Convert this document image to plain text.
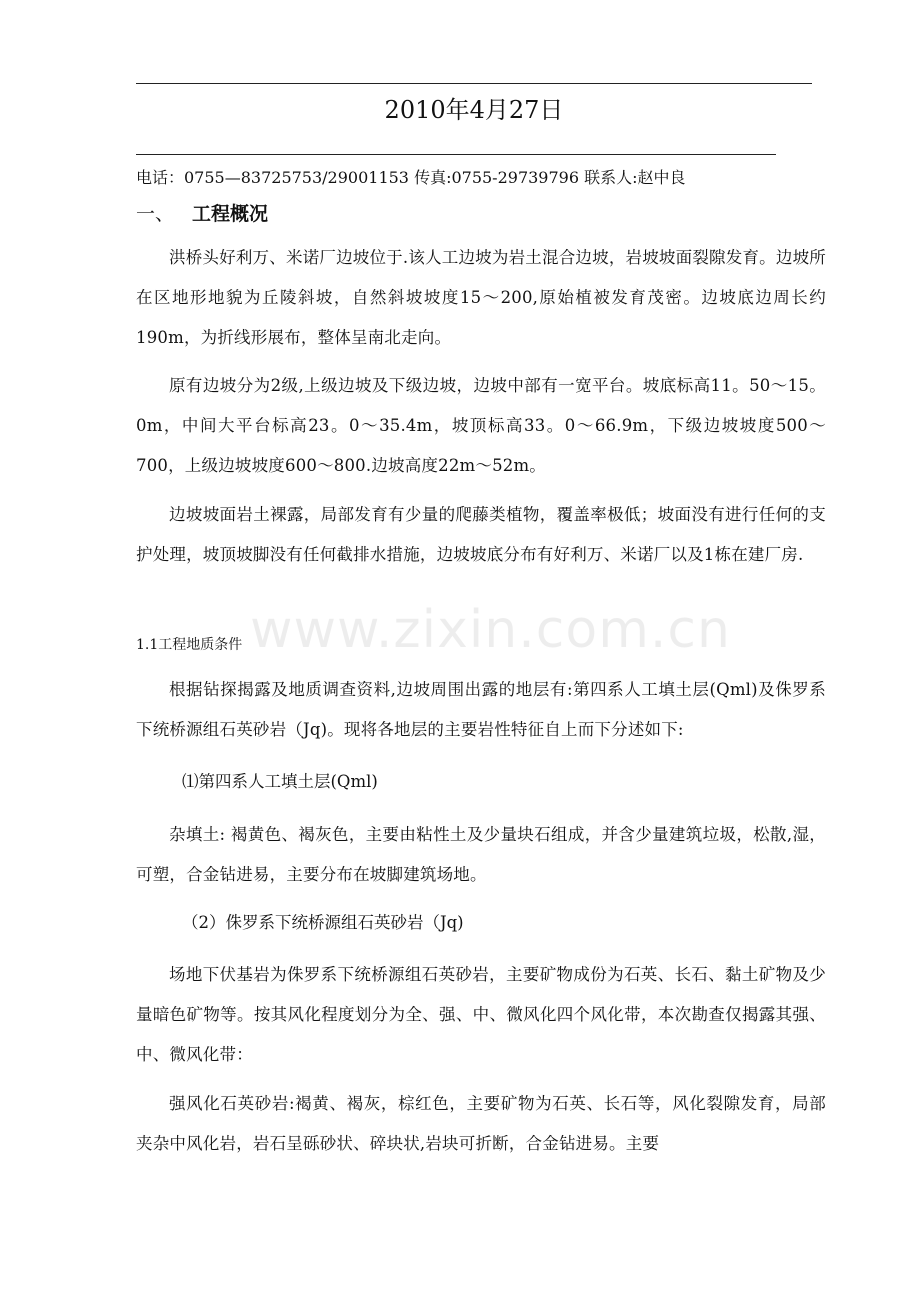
2010年4月27日
电话：0755—83725753/29001153 传真:0755-29739796 联系人:赵中良
一、 工程概况
洪桥头好利万、米诺厂边坡位于.该人工边坡为岩土混合边坡，岩坡坡面裂隙发育。边坡所在区地形地貌为丘陵斜坡，自然斜坡坡度15～200,原始植被发育茂密。边坡底边周长约190m，为折线形展布，整体呈南北走向。
原有边坡分为2级,上级边坡及下级边坡，边坡中部有一宽平台。坡底标高11。50～15。0m，中间大平台标高23。0～35.4m，坡顶标高33。0～66.9m，下级边坡坡度500～700，上级边坡坡度600～800.边坡高度22m～52m。
边坡坡面岩土裸露，局部发育有少量的爬藤类植物，覆盖率极低；坡面没有进行任何的支护处理，坡顶坡脚没有任何截排水措施，边坡坡底分布有好利万、米诺厂以及1栋在建厂房.
1.1工程地质条件
根据钻探揭露及地质调查资料,边坡周围出露的地层有:第四系人工填土层(Qml)及侏罗系下统桥源组石英砂岩（Jq)。现将各地层的主要岩性特征自上而下分述如下:
⑴第四系人工填土层(Qml)
杂填土: 褐黄色、褐灰色，主要由粘性土及少量块石组成，并含少量建筑垃圾，松散,湿，可塑，合金钻进易，主要分布在坡脚建筑场地。
（2）侏罗系下统桥源组石英砂岩（Jq)
场地下伏基岩为侏罗系下统桥源组石英砂岩，主要矿物成份为石英、长石、黏土矿物及少量暗色矿物等。按其风化程度划分为全、强、中、微风化四个风化带，本次勘查仅揭露其强、中、微风化带：
强风化石英砂岩:褐黄、褐灰，棕红色，主要矿物为石英、长石等，风化裂隙发育，局部夹杂中风化岩，岩石呈砾砂状、碎块状,岩块可折断，合金钻进易。主要
www.zixin.com.cn
